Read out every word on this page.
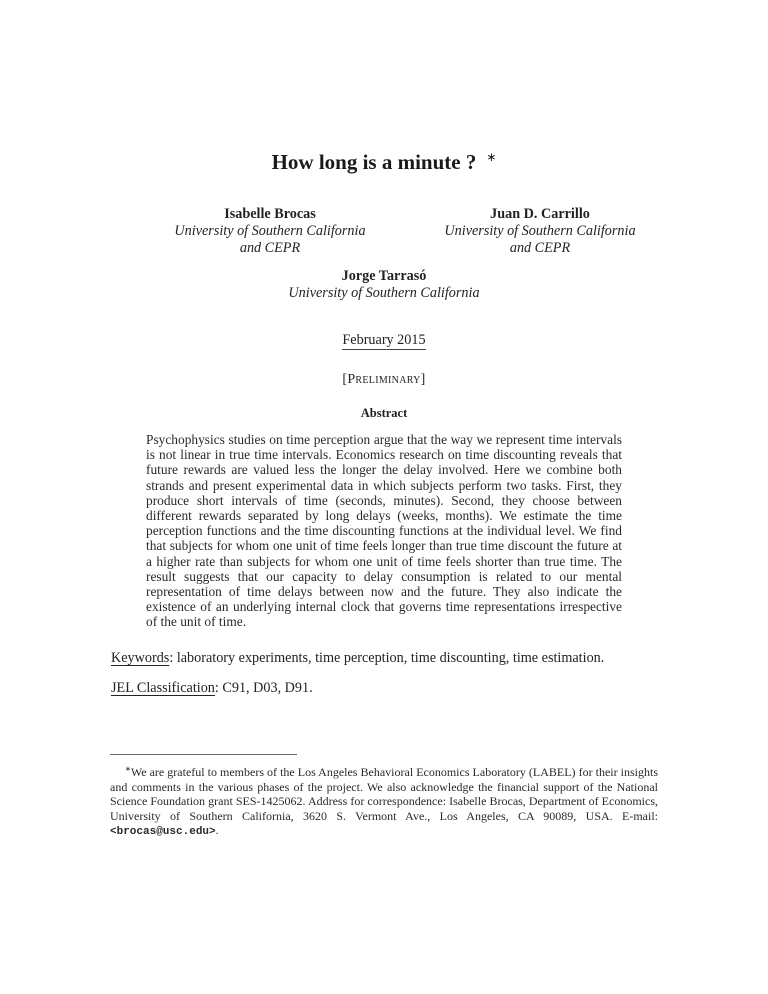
How long is a minute ? ∗
Isabelle Brocas
University of Southern California
and CEPR
Juan D. Carrillo
University of Southern California
and CEPR
Jorge Tarrasó
University of Southern California
February 2015
[Preliminary]
Abstract
Psychophysics studies on time perception argue that the way we represent time intervals is not linear in true time intervals. Economics research on time discounting reveals that future rewards are valued less the longer the delay involved. Here we combine both strands and present experimental data in which subjects perform two tasks. First, they produce short intervals of time (seconds, minutes). Second, they choose between different rewards separated by long delays (weeks, months). We estimate the time perception functions and the time discounting functions at the individual level. We find that subjects for whom one unit of time feels longer than true time discount the future at a higher rate than subjects for whom one unit of time feels shorter than true time. The result suggests that our capacity to delay consumption is related to our mental representation of time delays between now and the future. They also indicate the existence of an underlying internal clock that governs time representations irrespective of the unit of time.
Keywords: laboratory experiments, time perception, time discounting, time estimation.
JEL Classification: C91, D03, D91.
∗We are grateful to members of the Los Angeles Behavioral Economics Laboratory (LABEL) for their insights and comments in the various phases of the project. We also acknowledge the financial support of the National Science Foundation grant SES-1425062. Address for correspondence: Isabelle Brocas, Department of Economics, University of Southern California, 3620 S. Vermont Ave., Los Angeles, CA 90089, USA. E-mail: <brocas@usc.edu>.
